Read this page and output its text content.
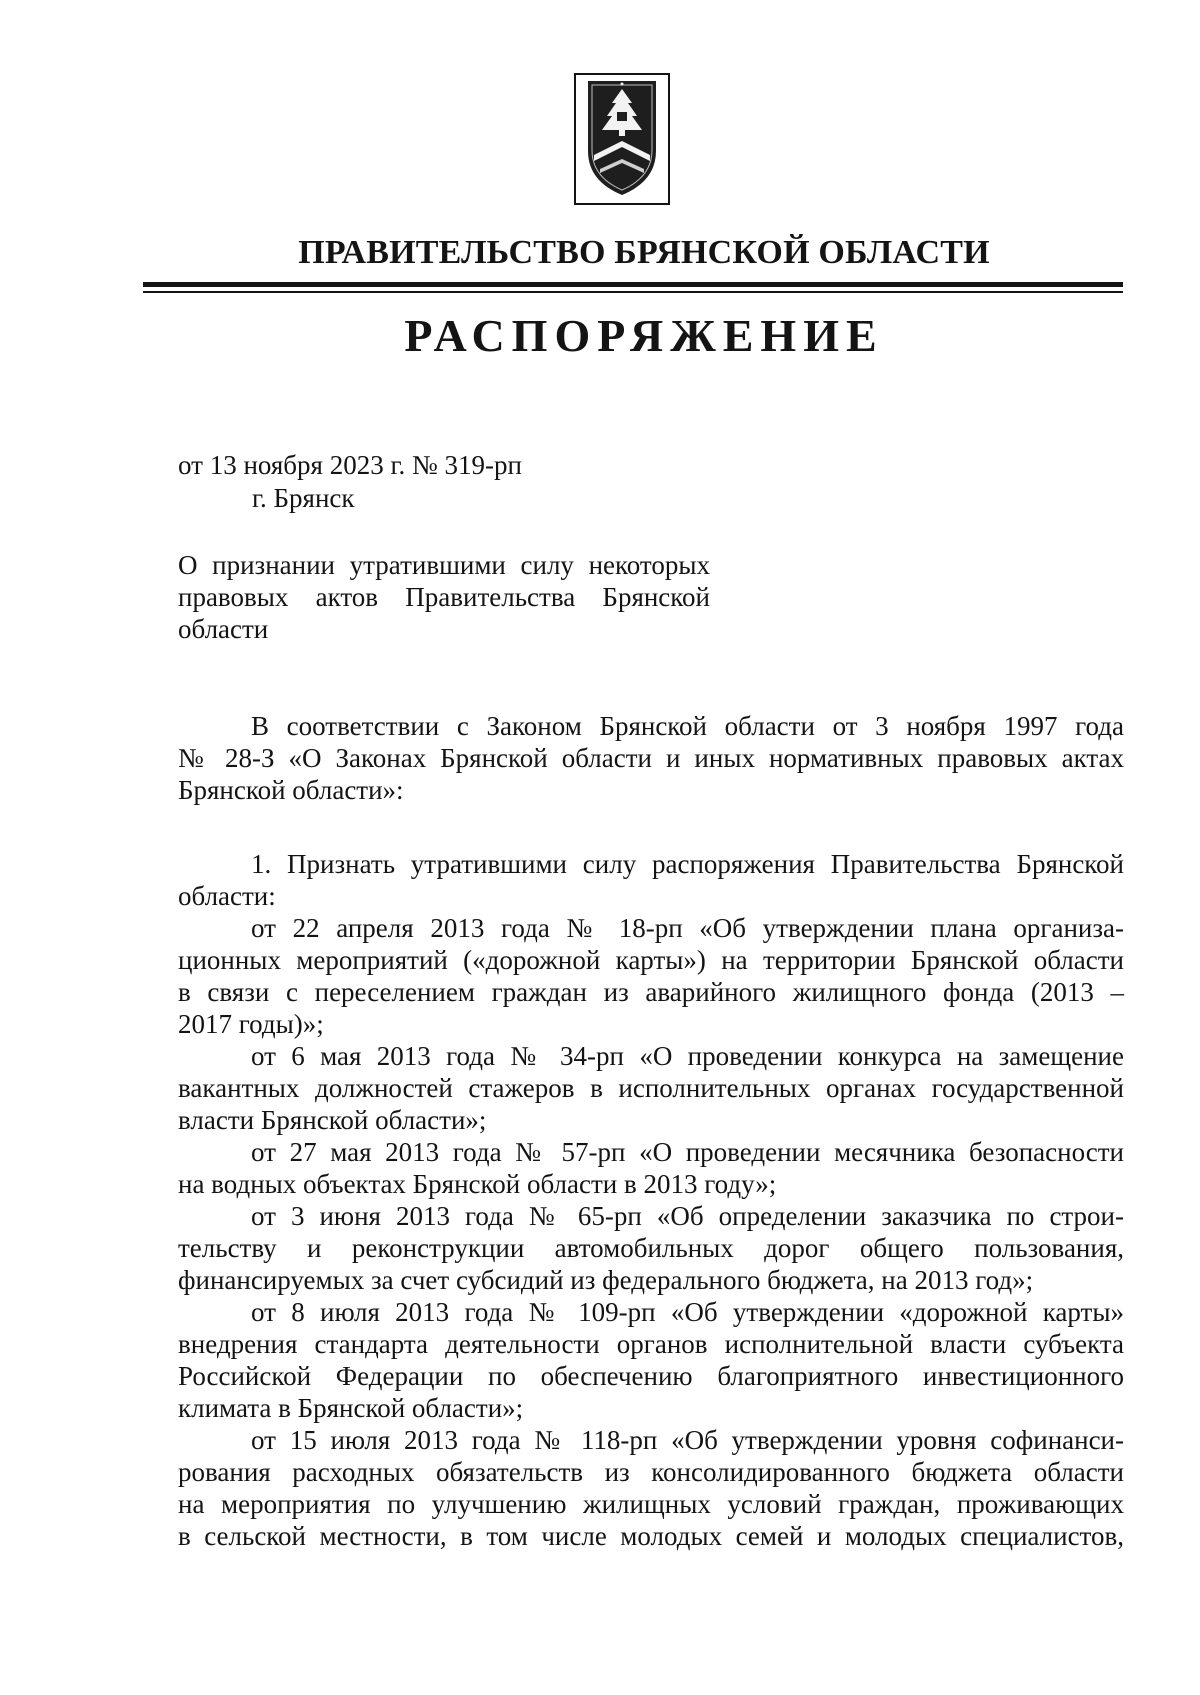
ПРАВИТЕЛЬСТВО БРЯНСКОЙ ОБЛАСТИ
РАСПОРЯЖЕНИЕ
от 13 ноября 2023 г. № 319-рп
г. Брянск
О признании утратившими силу некоторых
правовых актов Правительства Брянской
области
В соответствии с Законом Брянской области от 3 ноября 1997 года
№ 28-З «О Законах Брянской области и иных нормативных правовых актах
Брянской области»:
1. Признать утратившими силу распоряжения Правительства Брянской
области:
от 22 апреля 2013 года № 18-рп «Об утверждении плана организа-
ционных мероприятий («дорожной карты») на территории Брянской области
в связи с переселением граждан из аварийного жилищного фонда (2013 –
2017 годы)»;
от 6 мая 2013 года № 34-рп «О проведении конкурса на замещение
вакантных должностей стажеров в исполнительных органах государственной
власти Брянской области»;
от 27 мая 2013 года № 57-рп «О проведении месячника безопасности
на водных объектах Брянской области в 2013 году»;
от 3 июня 2013 года № 65-рп «Об определении заказчика по строи-
тельству и реконструкции автомобильных дорог общего пользования,
финансируемых за счет субсидий из федерального бюджета, на 2013 год»;
от 8 июля 2013 года № 109-рп «Об утверждении «дорожной карты»
внедрения стандарта деятельности органов исполнительной власти субъекта
Российской Федерации по обеспечению благоприятного инвестиционного
климата в Брянской области»;
от 15 июля 2013 года № 118-рп «Об утверждении уровня софинанси-
рования расходных обязательств из консолидированного бюджета области
на мероприятия по улучшению жилищных условий граждан, проживающих
в сельской местности, в том числе молодых семей и молодых специалистов,
